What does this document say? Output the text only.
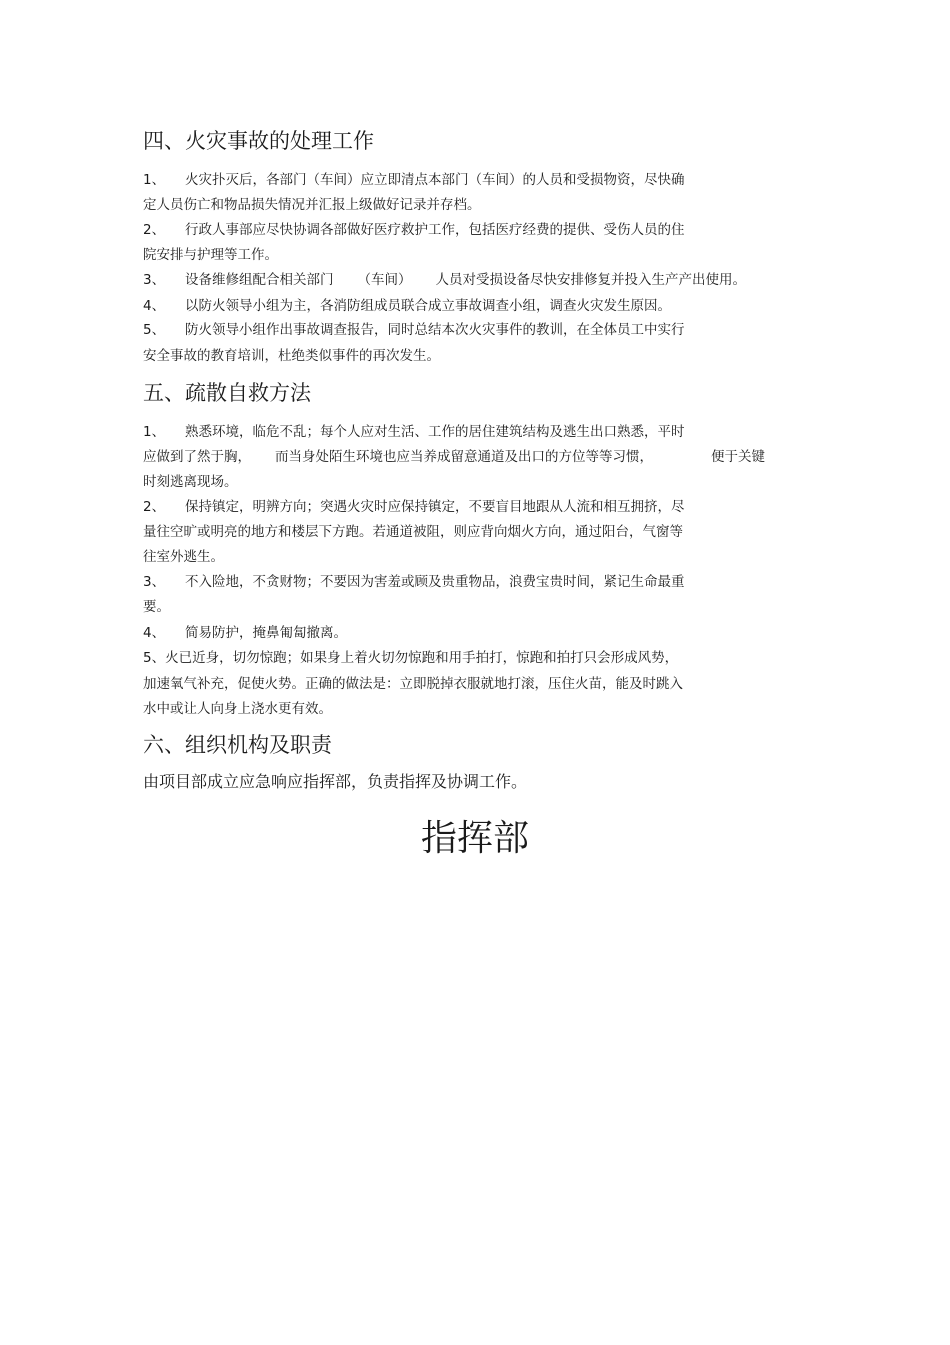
四、火灾事故的处理工作
1、 火灾扑灭后，各部门（车间）应立即清点本部门（车间）的人员和受损物资，尽快确
定人员伤亡和物品损失情况并汇报上级做好记录并存档。
2、 行政人事部应尽快协调各部做好医疗救护工作，包括医疗经费的提供、受伤人员的住
院安排与护理等工作。
3、 设备维修组配合相关部门 （车间） 人员对受损设备尽快安排修复并投入生产产出使用。
4、 以防火领导小组为主，各消防组成员联合成立事故调查小组，调查火灾发生原因。
5、 防火领导小组作出事故调查报告，同时总结本次火灾事件的教训，在全体员工中实行
安全事故的教育培训，杜绝类似事件的再次发生。
五、疏散自救方法
1、 熟悉环境，临危不乱；每个人应对生活、工作的居住建筑结构及逃生出口熟悉，平时
应做到了然于胸， 而当身处陌生环境也应当养成留意通道及出口的方位等等习惯，	便于关键
时刻逃离现场。
2、 保持镇定，明辨方向；突遇火灾时应保持镇定，不要盲目地跟从人流和相互拥挤，尽
量往空旷或明亮的地方和楼层下方跑。若通道被阻，则应背向烟火方向，通过阳台，气窗等
往室外逃生。
3、 不入险地，不贪财物；不要因为害羞或顾及贵重物品，浪费宝贵时间，紧记生命最重
要。
4、 简易防护，掩鼻匍匐撤离。
5、火已近身，切勿惊跑；如果身上着火切勿惊跑和用手拍打，惊跑和拍打只会形成风势，
加速氧气补充，促使火势。正确的做法是：立即脱掉衣服就地打滚，压住火苗，能及时跳入
水中或让人向身上浇水更有效。
六、组织机构及职责
由项目部成立应急响应指挥部，负责指挥及协调工作。
指挥部
